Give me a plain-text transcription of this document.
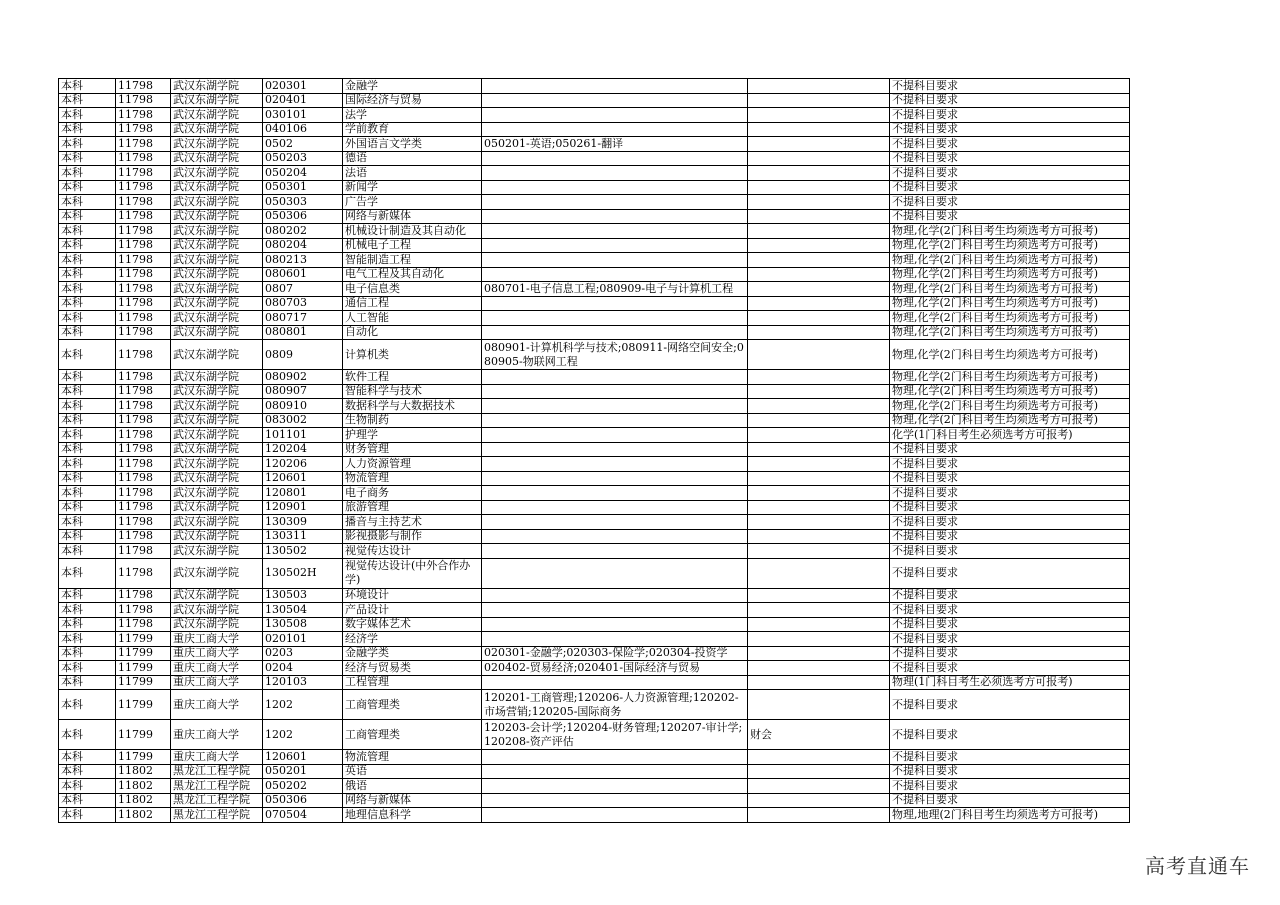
本科	11798	武汉东湖学院	020301	金融学			不提科目要求
本科	11798	武汉东湖学院	020401	国际经济与贸易			不提科目要求
本科	11798	武汉东湖学院	030101	法学			不提科目要求
本科	11798	武汉东湖学院	040106	学前教育			不提科目要求
本科	11798	武汉东湖学院	0502	外国语言文学类	050201-英语;050261-翻译		不提科目要求
本科	11798	武汉东湖学院	050203	德语			不提科目要求
本科	11798	武汉东湖学院	050204	法语			不提科目要求
本科	11798	武汉东湖学院	050301	新闻学			不提科目要求
本科	11798	武汉东湖学院	050303	广告学			不提科目要求
本科	11798	武汉东湖学院	050306	网络与新媒体			不提科目要求
本科	11798	武汉东湖学院	080202	机械设计制造及其自动化			物理,化学(2门科目考生均须选考方可报考)
本科	11798	武汉东湖学院	080204	机械电子工程			物理,化学(2门科目考生均须选考方可报考)
本科	11798	武汉东湖学院	080213	智能制造工程			物理,化学(2门科目考生均须选考方可报考)
本科	11798	武汉东湖学院	080601	电气工程及其自动化			物理,化学(2门科目考生均须选考方可报考)
本科	11798	武汉东湖学院	0807	电子信息类	080701-电子信息工程;080909-电子与计算机工程		物理,化学(2门科目考生均须选考方可报考)
本科	11798	武汉东湖学院	080703	通信工程			物理,化学(2门科目考生均须选考方可报考)
本科	11798	武汉东湖学院	080717	人工智能			物理,化学(2门科目考生均须选考方可报考)
本科	11798	武汉东湖学院	080801	自动化			物理,化学(2门科目考生均须选考方可报考)
本科	11798	武汉东湖学院	0809	计算机类	080901-计算机科学与技术;080911-网络空间安全;080905-物联网工程		物理,化学(2门科目考生均须选考方可报考)
本科	11798	武汉东湖学院	080902	软件工程			物理,化学(2门科目考生均须选考方可报考)
本科	11798	武汉东湖学院	080907	智能科学与技术			物理,化学(2门科目考生均须选考方可报考)
本科	11798	武汉东湖学院	080910	数据科学与大数据技术			物理,化学(2门科目考生均须选考方可报考)
本科	11798	武汉东湖学院	083002	生物制药			物理,化学(2门科目考生均须选考方可报考)
本科	11798	武汉东湖学院	101101	护理学			化学(1门科目考生必须选考方可报考)
本科	11798	武汉东湖学院	120204	财务管理			不提科目要求
本科	11798	武汉东湖学院	120206	人力资源管理			不提科目要求
本科	11798	武汉东湖学院	120601	物流管理			不提科目要求
本科	11798	武汉东湖学院	120801	电子商务			不提科目要求
本科	11798	武汉东湖学院	120901	旅游管理			不提科目要求
本科	11798	武汉东湖学院	130309	播音与主持艺术			不提科目要求
本科	11798	武汉东湖学院	130311	影视摄影与制作			不提科目要求
本科	11798	武汉东湖学院	130502	视觉传达设计			不提科目要求
本科	11798	武汉东湖学院	130502H	视觉传达设计(中外合作办学)			不提科目要求
本科	11798	武汉东湖学院	130503	环境设计			不提科目要求
本科	11798	武汉东湖学院	130504	产品设计			不提科目要求
本科	11798	武汉东湖学院	130508	数字媒体艺术			不提科目要求
本科	11799	重庆工商大学	020101	经济学			不提科目要求
本科	11799	重庆工商大学	0203	金融学类	020301-金融学;020303-保险学;020304-投资学		不提科目要求
本科	11799	重庆工商大学	0204	经济与贸易类	020402-贸易经济;020401-国际经济与贸易		不提科目要求
本科	11799	重庆工商大学	120103	工程管理			物理(1门科目考生必须选考方可报考)
本科	11799	重庆工商大学	1202	工商管理类	120201-工商管理;120206-人力资源管理;120202-市场营销;120205-国际商务		不提科目要求
本科	11799	重庆工商大学	1202	工商管理类	120203-会计学;120204-财务管理;120207-审计学;120208-资产评估	财会	不提科目要求
本科	11799	重庆工商大学	120601	物流管理			不提科目要求
本科	11802	黑龙江工程学院	050201	英语			不提科目要求
本科	11802	黑龙江工程学院	050202	俄语			不提科目要求
本科	11802	黑龙江工程学院	050306	网络与新媒体			不提科目要求
本科	11802	黑龙江工程学院	070504	地理信息科学			物理,地理(2门科目考生均须选考方可报考)
高考直通车
